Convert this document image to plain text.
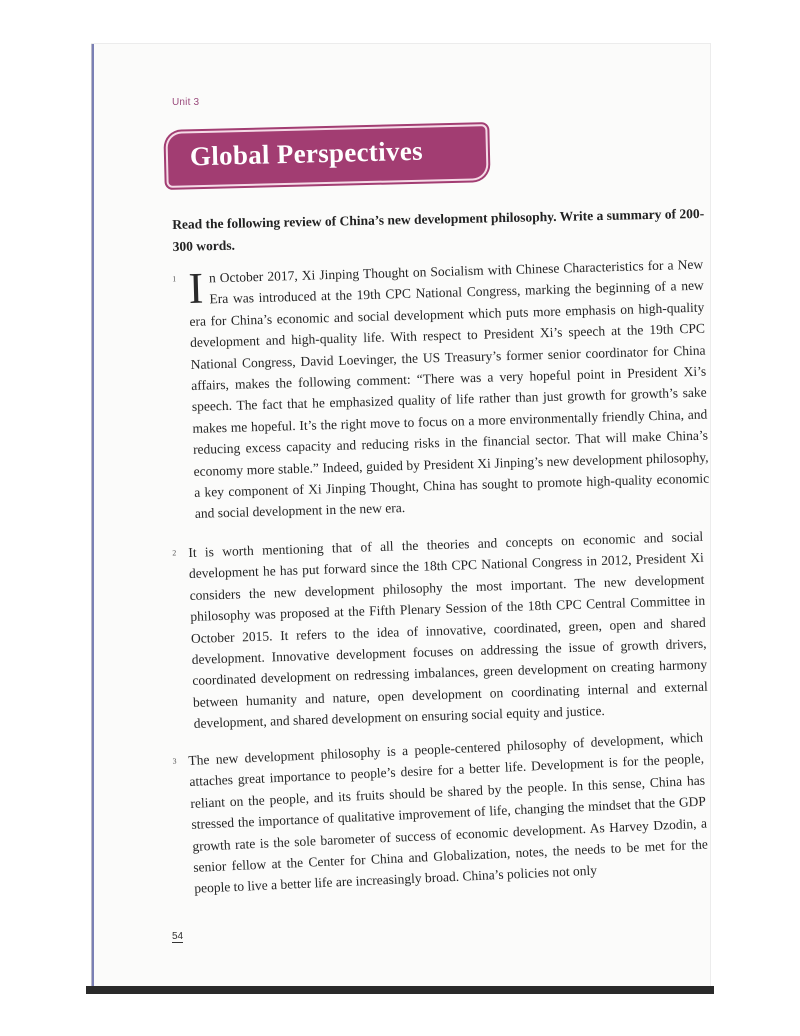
Unit 3
Global Perspectives
Read the following review of China’s new development philosophy. Write a summary of 200-300 words.
1 I n October 2017, Xi Jinping Thought on Socialism with Chinese Characteristics for a New Era was introduced at the 19th CPC National Congress, marking the beginning of a new era for China’s economic and social development which puts more emphasis on high-quality development and high-quality life. With respect to President Xi’s speech at the 19th CPC National Congress, David Loevinger, the US Treasury’s former senior coordinator for China affairs, makes the following comment: “There was a very hopeful point in President Xi’s speech. The fact that he emphasized quality of life rather than just growth for growth’s sake makes me hopeful. It’s the right move to focus on a more environmentally friendly China, and reducing excess capacity and reducing risks in the financial sector. That will make China’s economy more stable.” Indeed, guided by President Xi Jinping’s new development philosophy, a key component of Xi Jinping Thought, China has sought to promote high-quality economic and social development in the new era.
2 It is worth mentioning that of all the theories and concepts on economic and social development he has put forward since the 18th CPC National Congress in 2012, President Xi considers the new development philosophy the most important. The new development philosophy was proposed at the Fifth Plenary Session of the 18th CPC Central Committee in October 2015. It refers to the idea of innovative, coordinated, green, open and shared development. Innovative development focuses on addressing the issue of growth drivers, coordinated development on redressing imbalances, green development on creating harmony between humanity and nature, open development on coordinating internal and external development, and shared development on ensuring social equity and justice.
3 The new development philosophy is a people-centered philosophy of development, which attaches great importance to people’s desire for a better life. Development is for the people, reliant on the people, and its fruits should be shared by the people. In this sense, China has stressed the importance of qualitative improvement of life, changing the mindset that the GDP growth rate is the sole barometer of success of economic development. As Harvey Dzodin, a senior fellow at the Center for China and Globalization, notes, the needs to be met for the people to live a better life are increasingly broad. China’s policies not only
54
